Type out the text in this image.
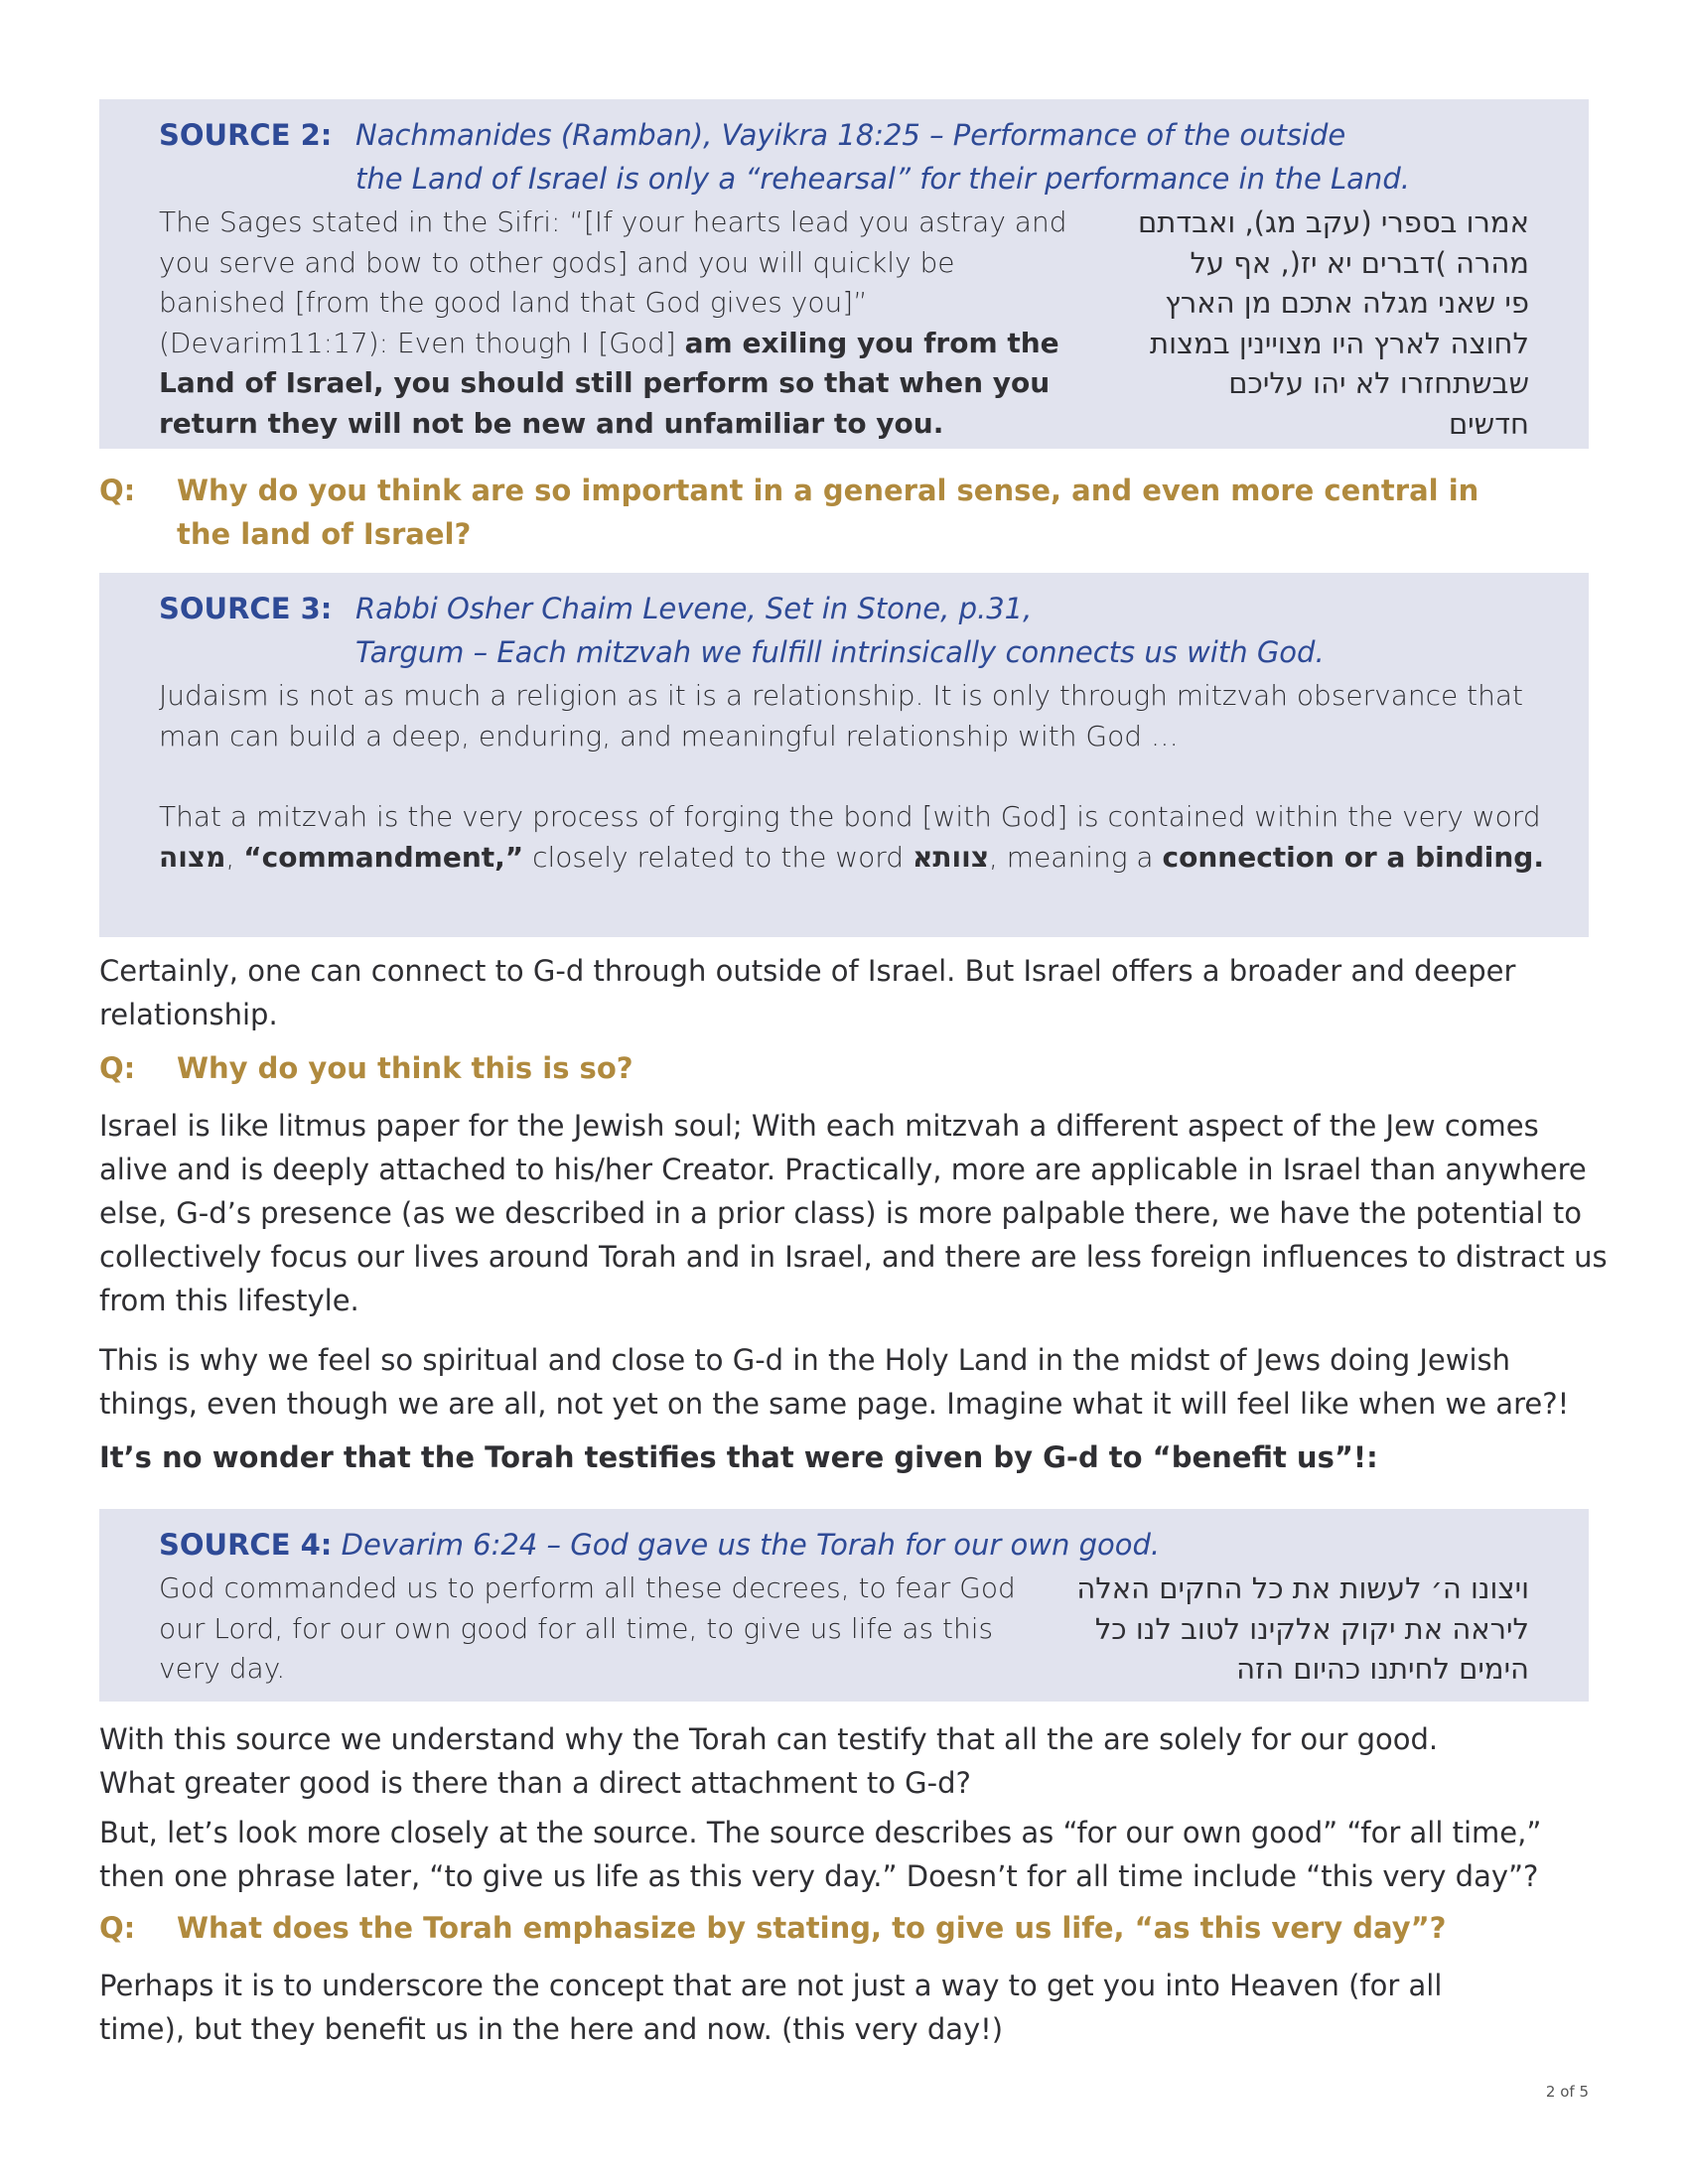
SOURCE 2: Nachmanides (Ramban), Vayikra 18:25 – Performance of the outside
the Land of Israel is only a “rehearsal” for their performance in the Land.
The Sages stated in the Sifri: “[If your hearts lead you astray and you serve and bow to other gods] and you will quickly be banished [from the good land that God gives you]” (Devarim11:17): Even though I [God] am exiling you from the Land of Israel, you should still perform so that when you return they will not be new and unfamiliar to you.
אמרו בספרי (עקב מג), ואבדתם
מהרה )דברים יא יז(, אף על
פי שאני מגלה אתכם מן הארץ
לחוצה לארץ היו מצויינין במצות
שבשתחזרו לא יהו עליכם
חדשים
Q: Why do you think are so important in a general sense, and even more central in the land of Israel?
SOURCE 3: Rabbi Osher Chaim Levene, Set in Stone, p.31,
Targum – Each mitzvah we fulfill intrinsically connects us with God.
Judaism is not as much a religion as it is a relationship. It is only through mitzvah observance that man can build a deep, enduring, and meaningful relationship with God …
That a mitzvah is the very process of forging the bond [with God] is contained within the very word מצוה, “commandment,” closely related to the word צוותא, meaning a connection or a binding.
Certainly, one can connect to G-d through outside of Israel. But Israel offers a broader and deeper relationship.
Q: Why do you think this is so?
Israel is like litmus paper for the Jewish soul; With each mitzvah a different aspect of the Jew comes alive and is deeply attached to his/her Creator. Practically, more are applicable in Israel than anywhere else, G-d’s presence (as we described in a prior class) is more palpable there, we have the potential to collectively focus our lives around Torah and in Israel, and there are less foreign influences to distract us from this lifestyle.
This is why we feel so spiritual and close to G-d in the Holy Land in the midst of Jews doing Jewish things, even though we are all, not yet on the same page. Imagine what it will feel like when we are?!
It’s no wonder that the Torah testifies that were given by G-d to “benefit us”!:
SOURCE 4: Devarim 6:24 – God gave us the Torah for our own good.
God commanded us to perform all these decrees, to fear God our Lord, for our own good for all time, to give us life as this very day.
ויצונו ה׳ לעשות את כל החקים האלה
ליראה את יקוק אלקינו לטוב לנו כל
הימים לחיתנו כהיום הזה
With this source we understand why the Torah can testify that all the are solely for our good. What greater good is there than a direct attachment to G-d?
But, let’s look more closely at the source. The source describes as “for our own good” “for all time,” then one phrase later, “to give us life as this very day.” Doesn’t for all time include “this very day”?
Q: What does the Torah emphasize by stating, to give us life, “as this very day”?
Perhaps it is to underscore the concept that are not just a way to get you into Heaven (for all time), but they benefit us in the here and now. (this very day!)
2 of 5
